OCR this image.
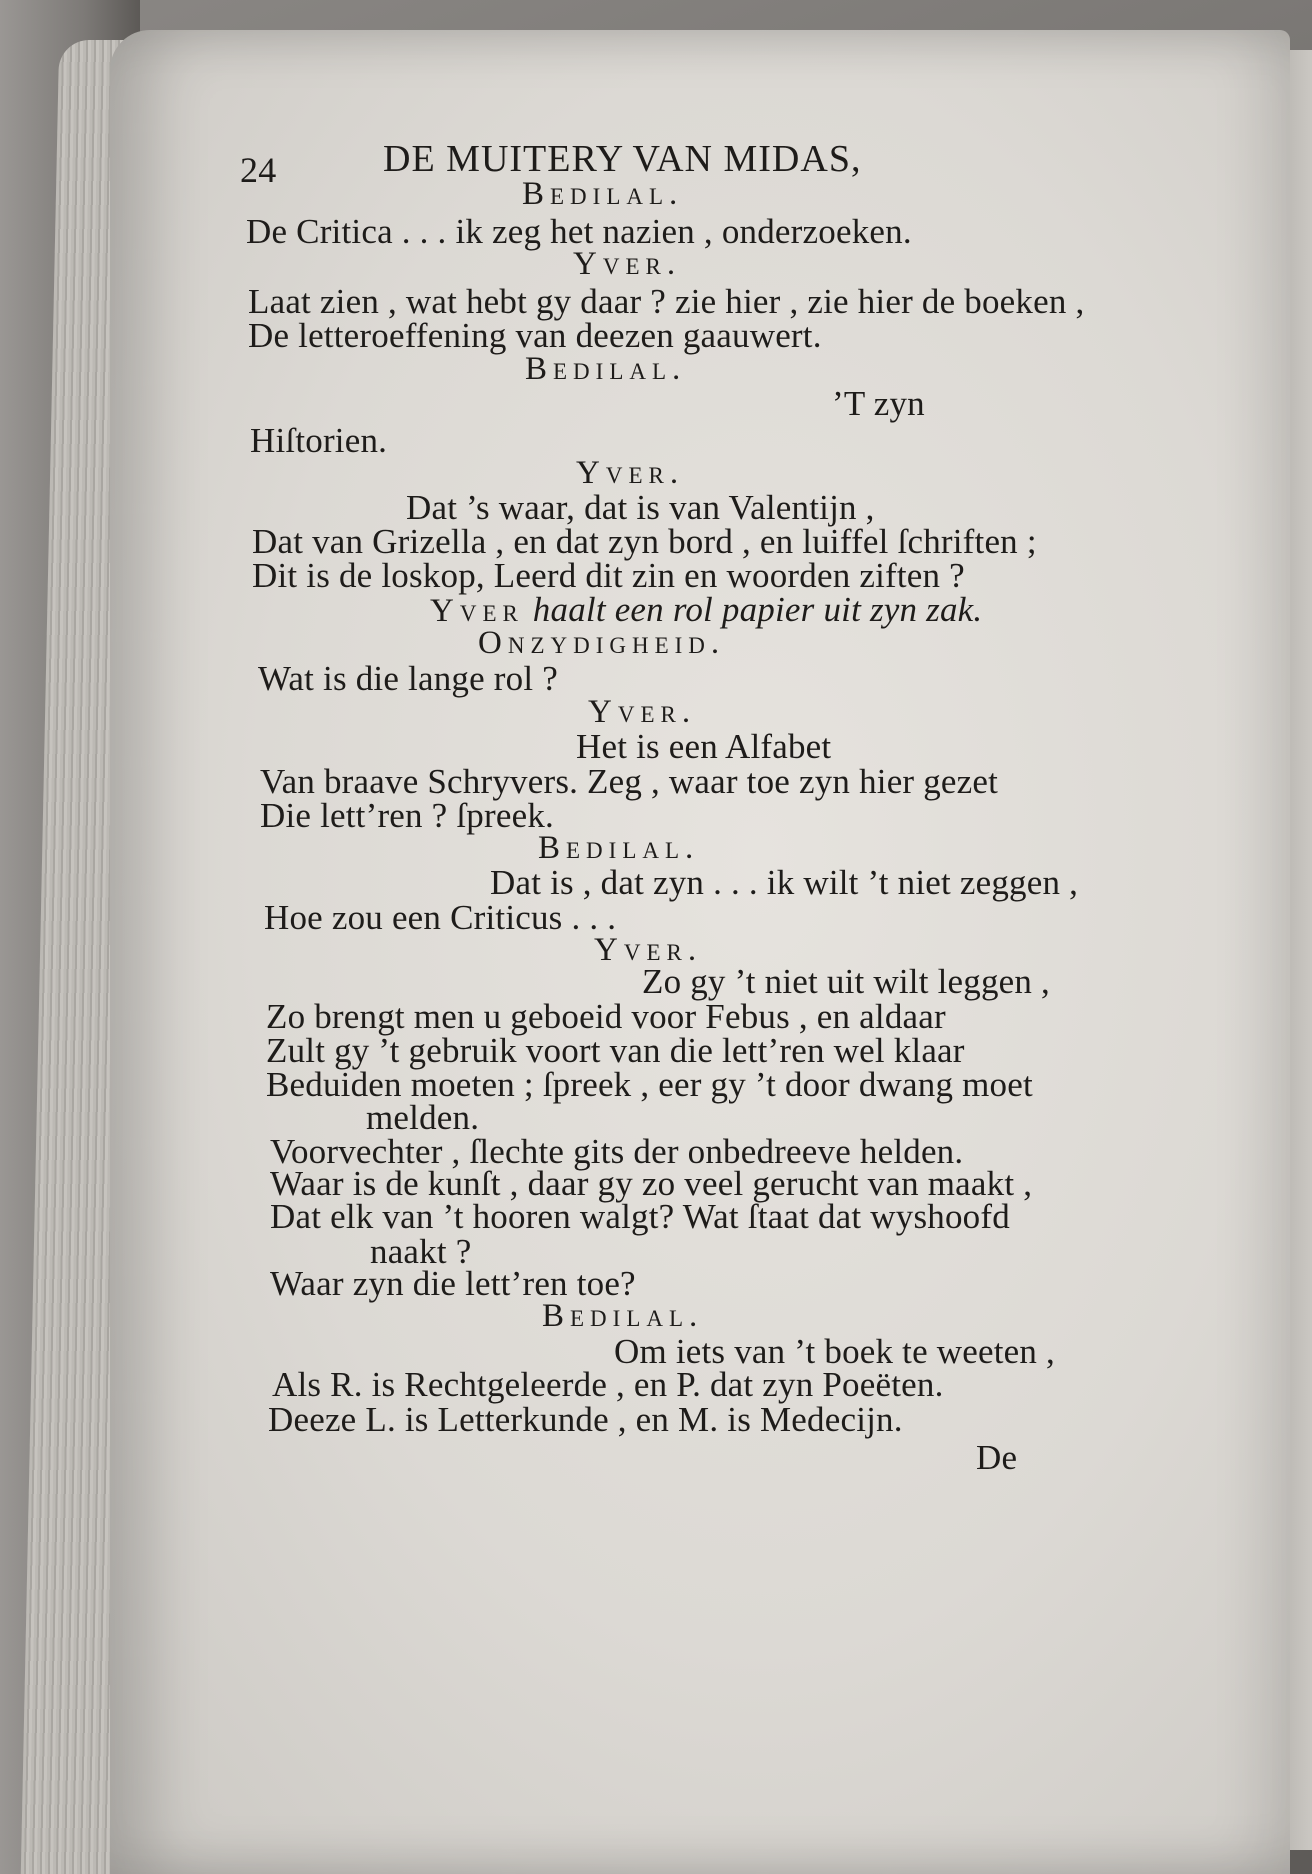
24	DE MUITERY VAN MIDAS,
Bedilal.
De Critica . . . ik zeg het nazien , onderzoeken.
Yver.
Laat zien , wat hebt gy daar ? zie hier , zie hier de boeken ,
De letteroeffening van deezen gaauwert.
Bedilal.
’T zyn
Hiſtorien.
Yver.
Dat ’s waar, dat is van Valentijn ,
Dat van Grizella , en dat zyn bord , en luiffel ſchriften ;
Dit is de loskop, Leerd dit zin en woorden ziften ?
Yver haalt een rol papier uit zyn zak.
Onzydigheid.
Wat is die lange rol ?
Yver.
Het is een Alfabet
Van braave Schryvers. Zeg , waar toe zyn hier gezet
Die lett’ren ? ſpreek.
Bedilal.
Dat is , dat zyn . . . ik wilt ’t niet zeggen ,
Hoe zou een Criticus . . .
Yver.
Zo gy ’t niet uit wilt leggen ,
Zo brengt men u geboeid voor Febus , en aldaar
Zult gy ’t gebruik voort van die lett’ren wel klaar
Beduiden moeten ; ſpreek , eer gy ’t door dwang moet
melden.
Voorvechter , ſlechte gits der onbedreeve helden.
Waar is de kunſt , daar gy zo veel gerucht van maakt ,
Dat elk van ’t hooren walgt? Wat ſtaat dat wyshoofd
naakt ?
Waar zyn die lett’ren toe?
Bedilal.
Om iets van ’t boek te weeten ,
Als R. is Rechtgeleerde , en P. dat zyn Poeëten.
Deeze L. is Letterkunde , en M. is Medecijn.
De
